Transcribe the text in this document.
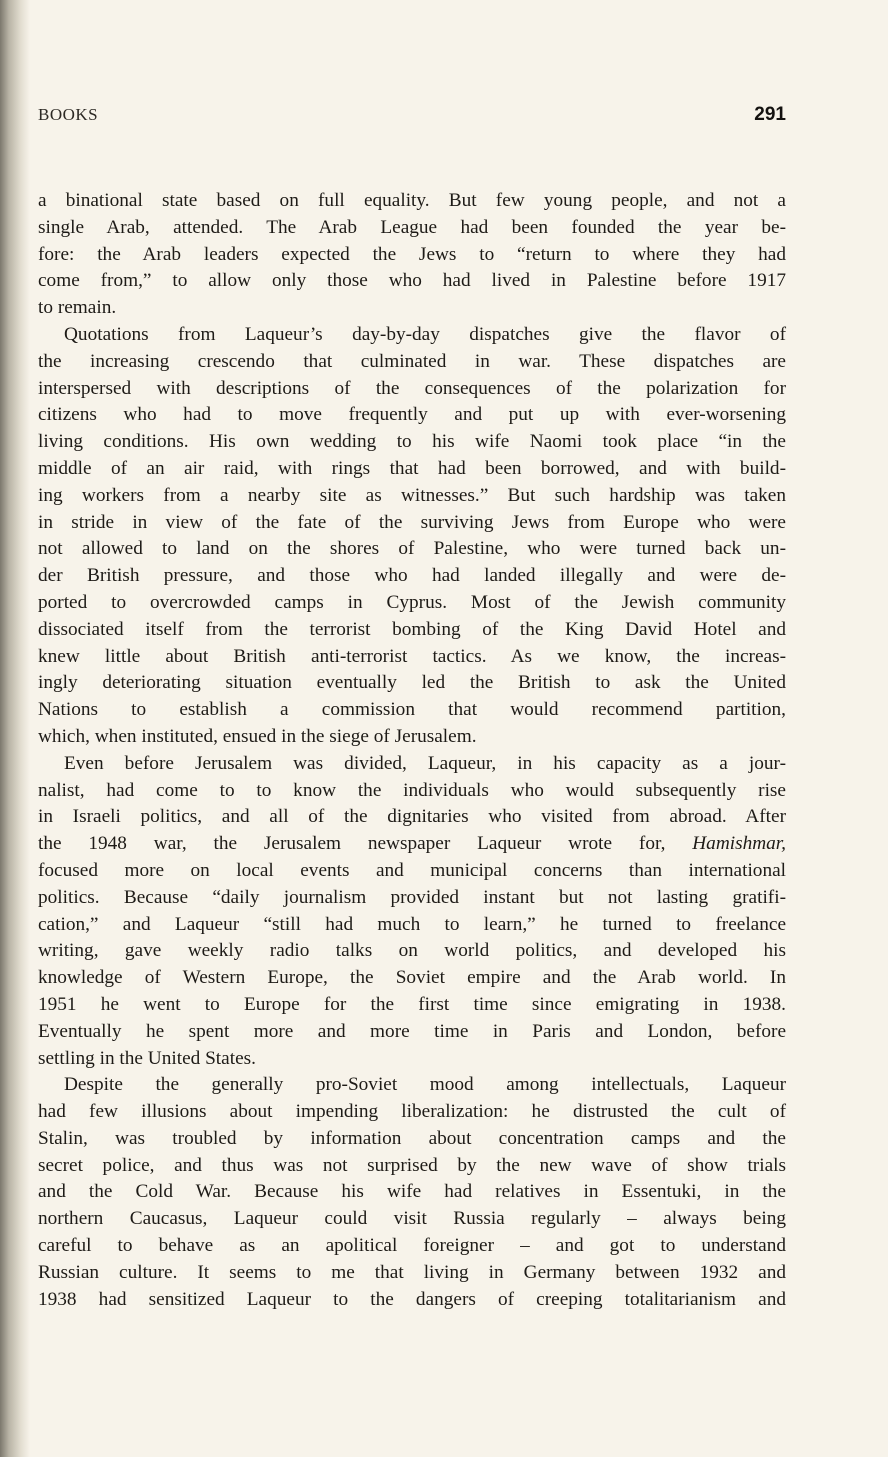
BOOKS	291
a binational state based on full equality. But few young people, and not a
single Arab, attended. The Arab League had been founded the year be-
fore: the Arab leaders expected the Jews to “return to where they had
come from,” to allow only those who had lived in Palestine before 1917
to remain.
Quotations from Laqueur’s day-by-day dispatches give the flavor of
the increasing crescendo that culminated in war. These dispatches are
interspersed with descriptions of the consequences of the polarization for
citizens who had to move frequently and put up with ever-worsening
living conditions. His own wedding to his wife Naomi took place “in the
middle of an air raid, with rings that had been borrowed, and with build-
ing workers from a nearby site as witnesses.” But such hardship was taken
in stride in view of the fate of the surviving Jews from Europe who were
not allowed to land on the shores of Palestine, who were turned back un-
der British pressure, and those who had landed illegally and were de-
ported to overcrowded camps in Cyprus. Most of the Jewish community
dissociated itself from the terrorist bombing of the King David Hotel and
knew little about British anti-terrorist tactics. As we know, the increas-
ingly deteriorating situation eventually led the British to ask the United
Nations to establish a commission that would recommend partition,
which, when instituted, ensued in the siege of Jerusalem.
Even before Jerusalem was divided, Laqueur, in his capacity as a jour-
nalist, had come to to know the individuals who would subsequently rise
in Israeli politics, and all of the dignitaries who visited from abroad. After
the 1948 war, the Jerusalem newspaper Laqueur wrote for, Hamishmar,
focused more on local events and municipal concerns than international
politics. Because “daily journalism provided instant but not lasting gratifi-
cation,” and Laqueur “still had much to learn,” he turned to freelance
writing, gave weekly radio talks on world politics, and developed his
knowledge of Western Europe, the Soviet empire and the Arab world. In
1951 he went to Europe for the first time since emigrating in 1938.
Eventually he spent more and more time in Paris and London, before
settling in the United States.
Despite the generally pro-Soviet mood among intellectuals, Laqueur
had few illusions about impending liberalization: he distrusted the cult of
Stalin, was troubled by information about concentration camps and the
secret police, and thus was not surprised by the new wave of show trials
and the Cold War. Because his wife had relatives in Essentuki, in the
northern Caucasus, Laqueur could visit Russia regularly – always being
careful to behave as an apolitical foreigner – and got to understand
Russian culture. It seems to me that living in Germany between 1932 and
1938 had sensitized Laqueur to the dangers of creeping totalitarianism and
